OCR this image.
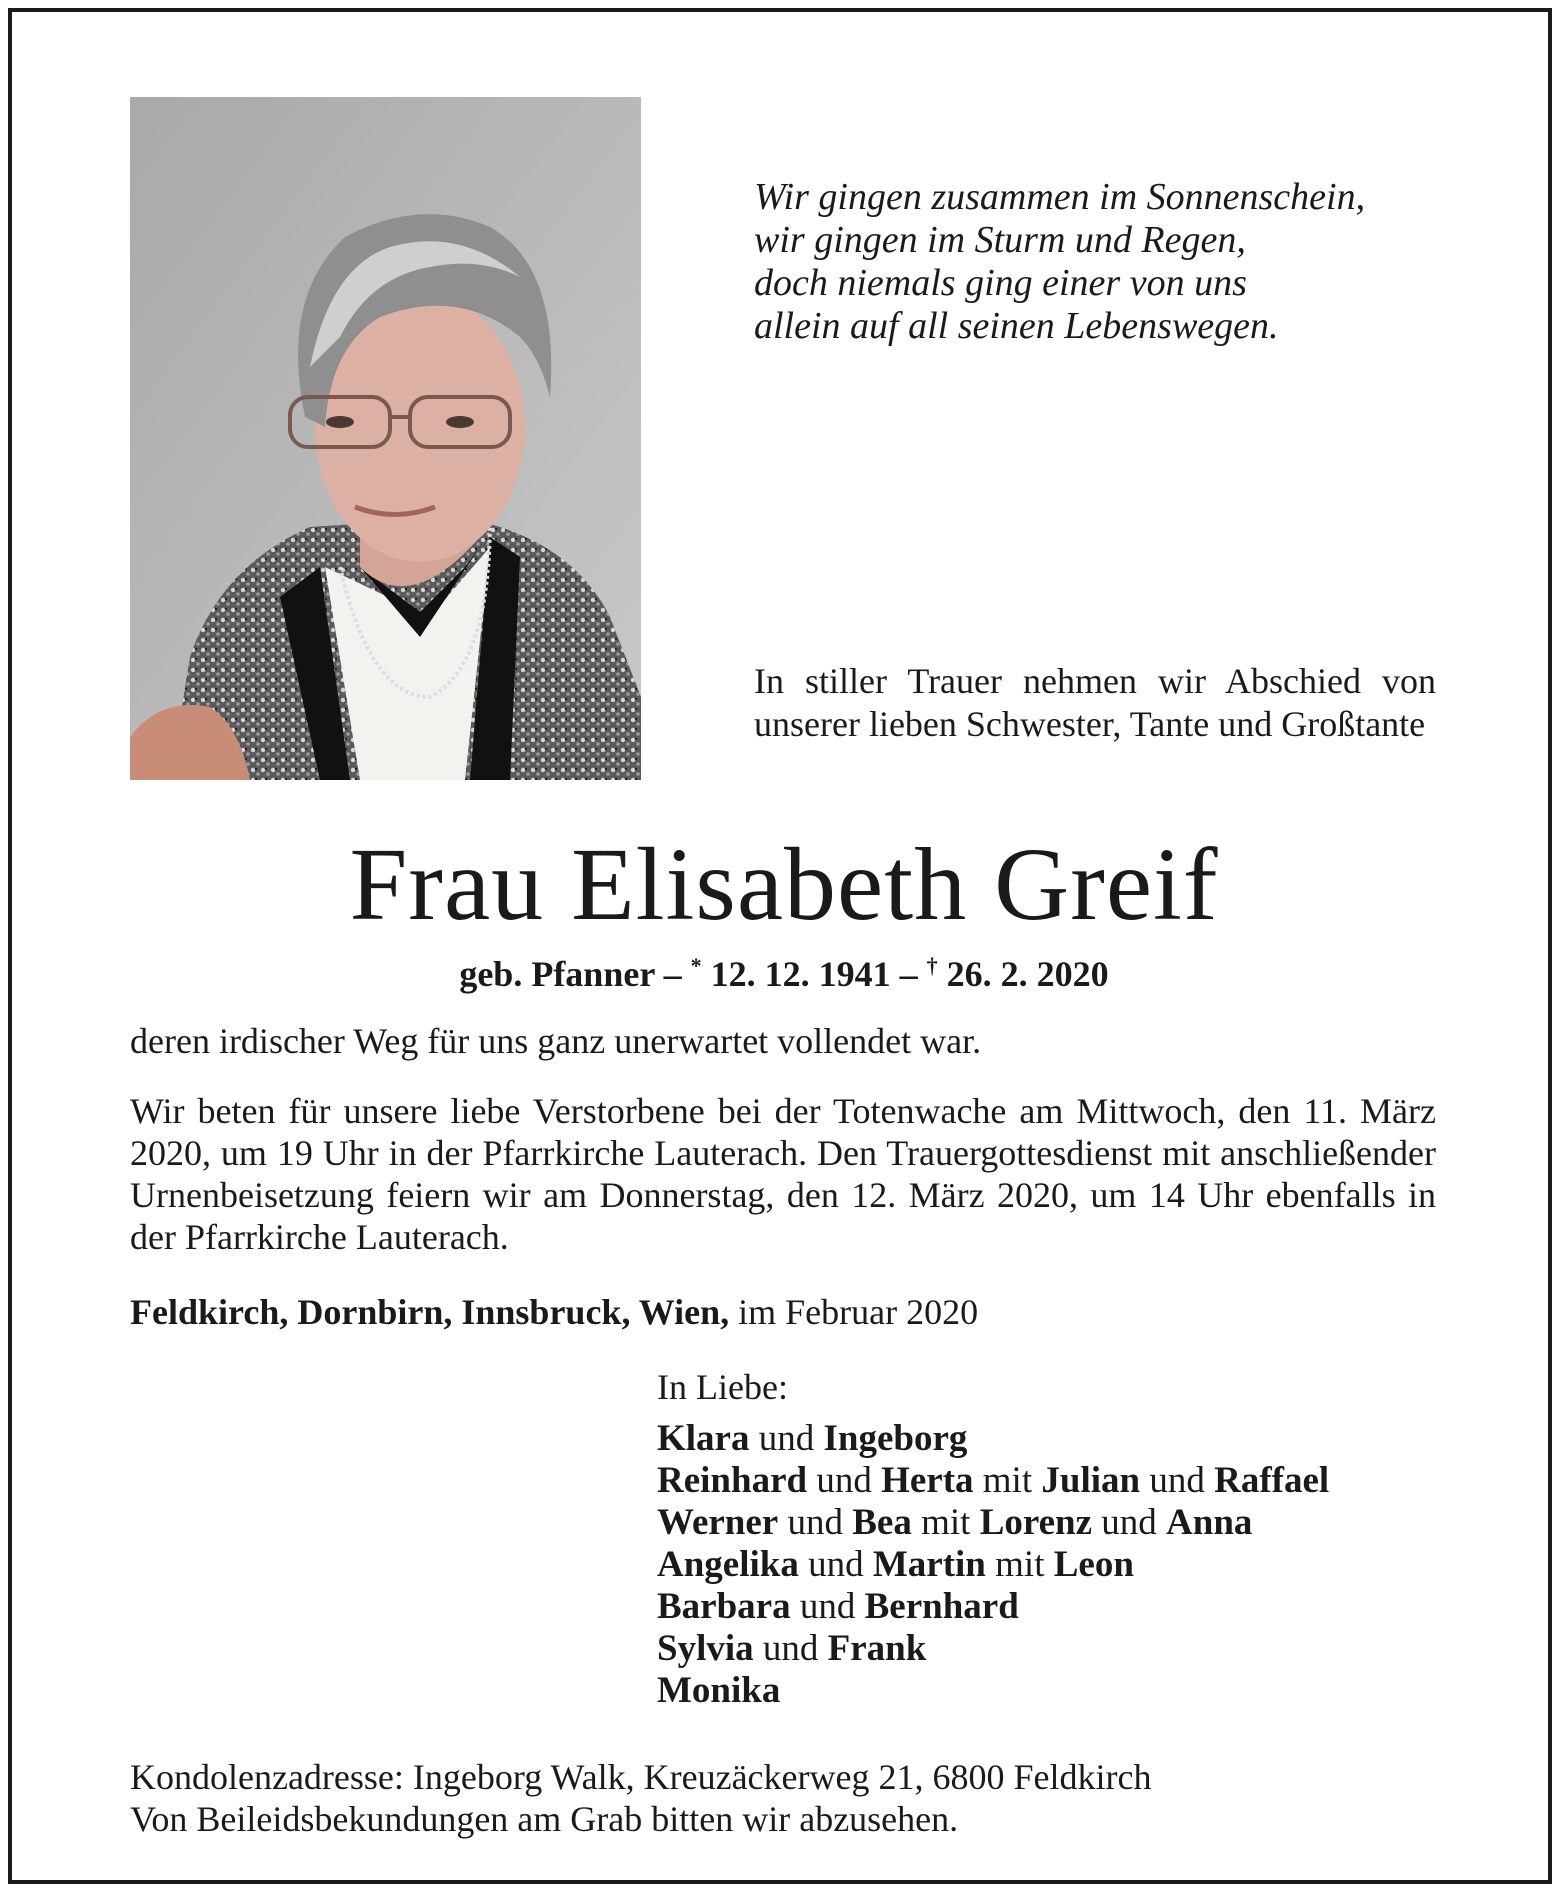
Wir gingen zusammen im Sonnenschein,
wir gingen im Sturm und Regen,
doch niemals ging einer von uns
allein auf all seinen Lebenswegen.
In stiller Trauer nehmen wir Abschied von unserer lieben Schwester, Tante und Großtante
Frau Elisabeth Greif
geb. Pfanner – * 12. 12. 1941 – † 26. 2. 2020
deren irdischer Weg für uns ganz unerwartet vollendet war.
Wir beten für unsere liebe Verstorbene bei der Totenwache am Mittwoch, den 11. März 2020, um 19 Uhr in der Pfarrkirche Lauterach. Den Trauergottesdienst mit anschließender Urnenbeisetzung feiern wir am Donnerstag, den 12. März 2020, um 14 Uhr ebenfalls in der Pfarrkirche Lauterach.
Feldkirch, Dornbirn, Innsbruck, Wien, im Februar 2020
In Liebe:
Klara und Ingeborg
Reinhard und Herta mit Julian und Raffael
Werner und Bea mit Lorenz und Anna
Angelika und Martin mit Leon
Barbara und Bernhard
Sylvia und Frank
Monika
Kondolenzadresse: Ingeborg Walk, Kreuzäckerweg 21, 6800 Feldkirch
Von Beileidsbekundungen am Grab bitten wir abzusehen.
